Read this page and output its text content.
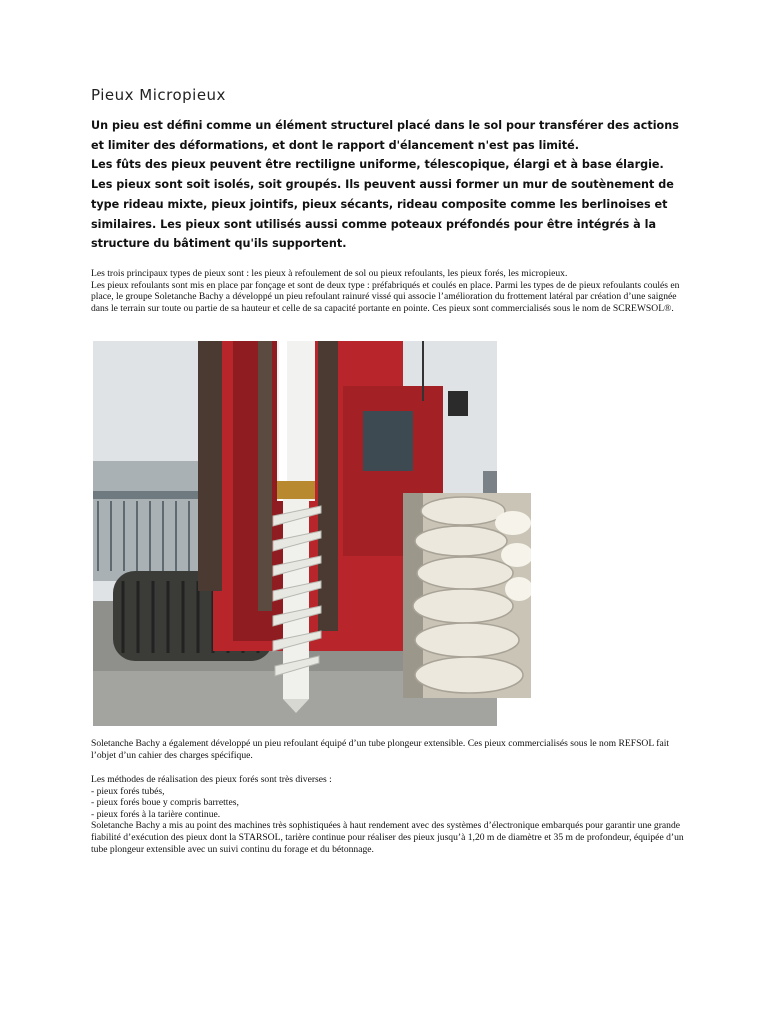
Pieux Micropieux

Un pieu est défini comme un élément structurel placé dans le sol pour transférer des actions et limiter des déformations, et dont le rapport d'élancement n'est pas limité.

Les fûts des pieux peuvent être rectiligne uniforme, télescopique, élargi et à base élargie.

Les pieux sont soit isolés, soit groupés. Ils peuvent aussi former un mur de soutènement de type rideau mixte, pieux jointifs, pieux sécants, rideau composite comme les berlinoises et similaires. Les pieux sont utilisés aussi comme poteaux préfondés pour être intégrés à la structure du bâtiment qu'ils supportent.

Les trois principaux types de pieux sont : les pieux à refoulement de sol ou pieux refoulants, les pieux forés, les micropieux.

Les pieux refoulants sont mis en place par fonçage et sont de deux type : préfabriqués et coulés en place. Parmi les types de de pieux refoulants coulés en place, le groupe Soletanche Bachy a développé un pieu refoulant rainuré vissé qui associe l’amélioration du frottement latéral par création d’une saignée dans le terrain sur toute ou partie de sa hauteur et celle de sa capacité portante en pointe. Ces pieux sont commercialisés sous le nom de SCREWSOL®.

Soletanche Bachy a également développé un pieu refoulant équipé d’un tube plongeur extensible. Ces pieux commercialisés sous le nom REFSOL fait l’objet d’un cahier des charges spécifique.

Les méthodes de réalisation des pieux forés sont très diverses :

- pieux forés tubés,
- pieux forés boue y compris barrettes,
- pieux forés à la tarière continue.

Soletanche Bachy a mis au point des machines très sophistiquées à haut rendement avec des systèmes d’électronique embarqués pour garantir une grande fiabilité d’exécution des pieux dont la STARSOL, tarière continue pour réaliser des pieux jusqu’à 1,20 m de diamètre et 35 m de profondeur, équipée d’un tube plongeur extensible avec un suivi continu du forage et du bétonnage.
